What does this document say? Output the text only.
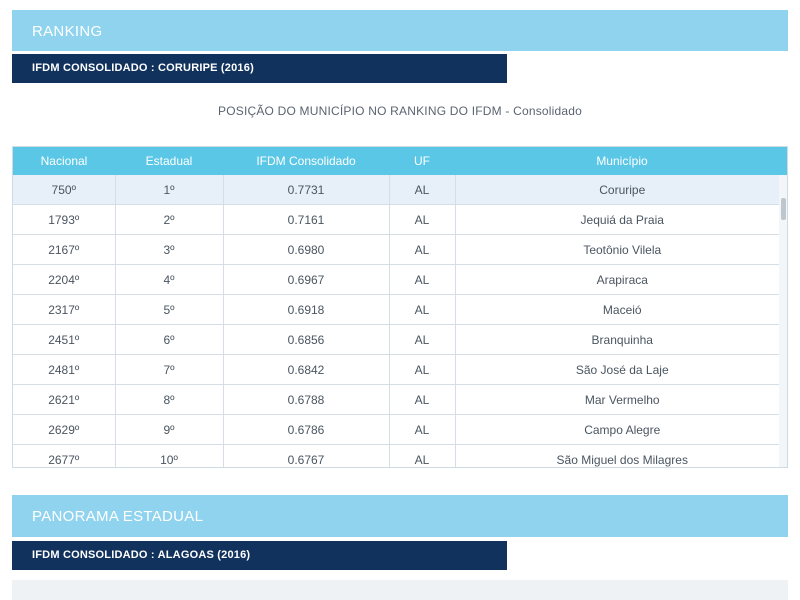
RANKING
IFDM CONSOLIDADO : CORURIPE (2016)
POSIÇÃO DO MUNICÍPIO NO RANKING DO IFDM - Consolidado
Nacional	Estadual	IFDM Consolidado	UF	Município
750º	1º	0.7731	AL	Coruripe
1793º	2º	0.7161	AL	Jequiá da Praia
2167º	3º	0.6980	AL	Teotônio Vilela
2204º	4º	0.6967	AL	Arapiraca
2317º	5º	0.6918	AL	Maceió
2451º	6º	0.6856	AL	Branquinha
2481º	7º	0.6842	AL	São José da Laje
2621º	8º	0.6788	AL	Mar Vermelho
2629º	9º	0.6786	AL	Campo Alegre
2677º	10º	0.6767	AL	São Miguel dos Milagres
PANORAMA ESTADUAL
IFDM CONSOLIDADO : ALAGOAS (2016)
